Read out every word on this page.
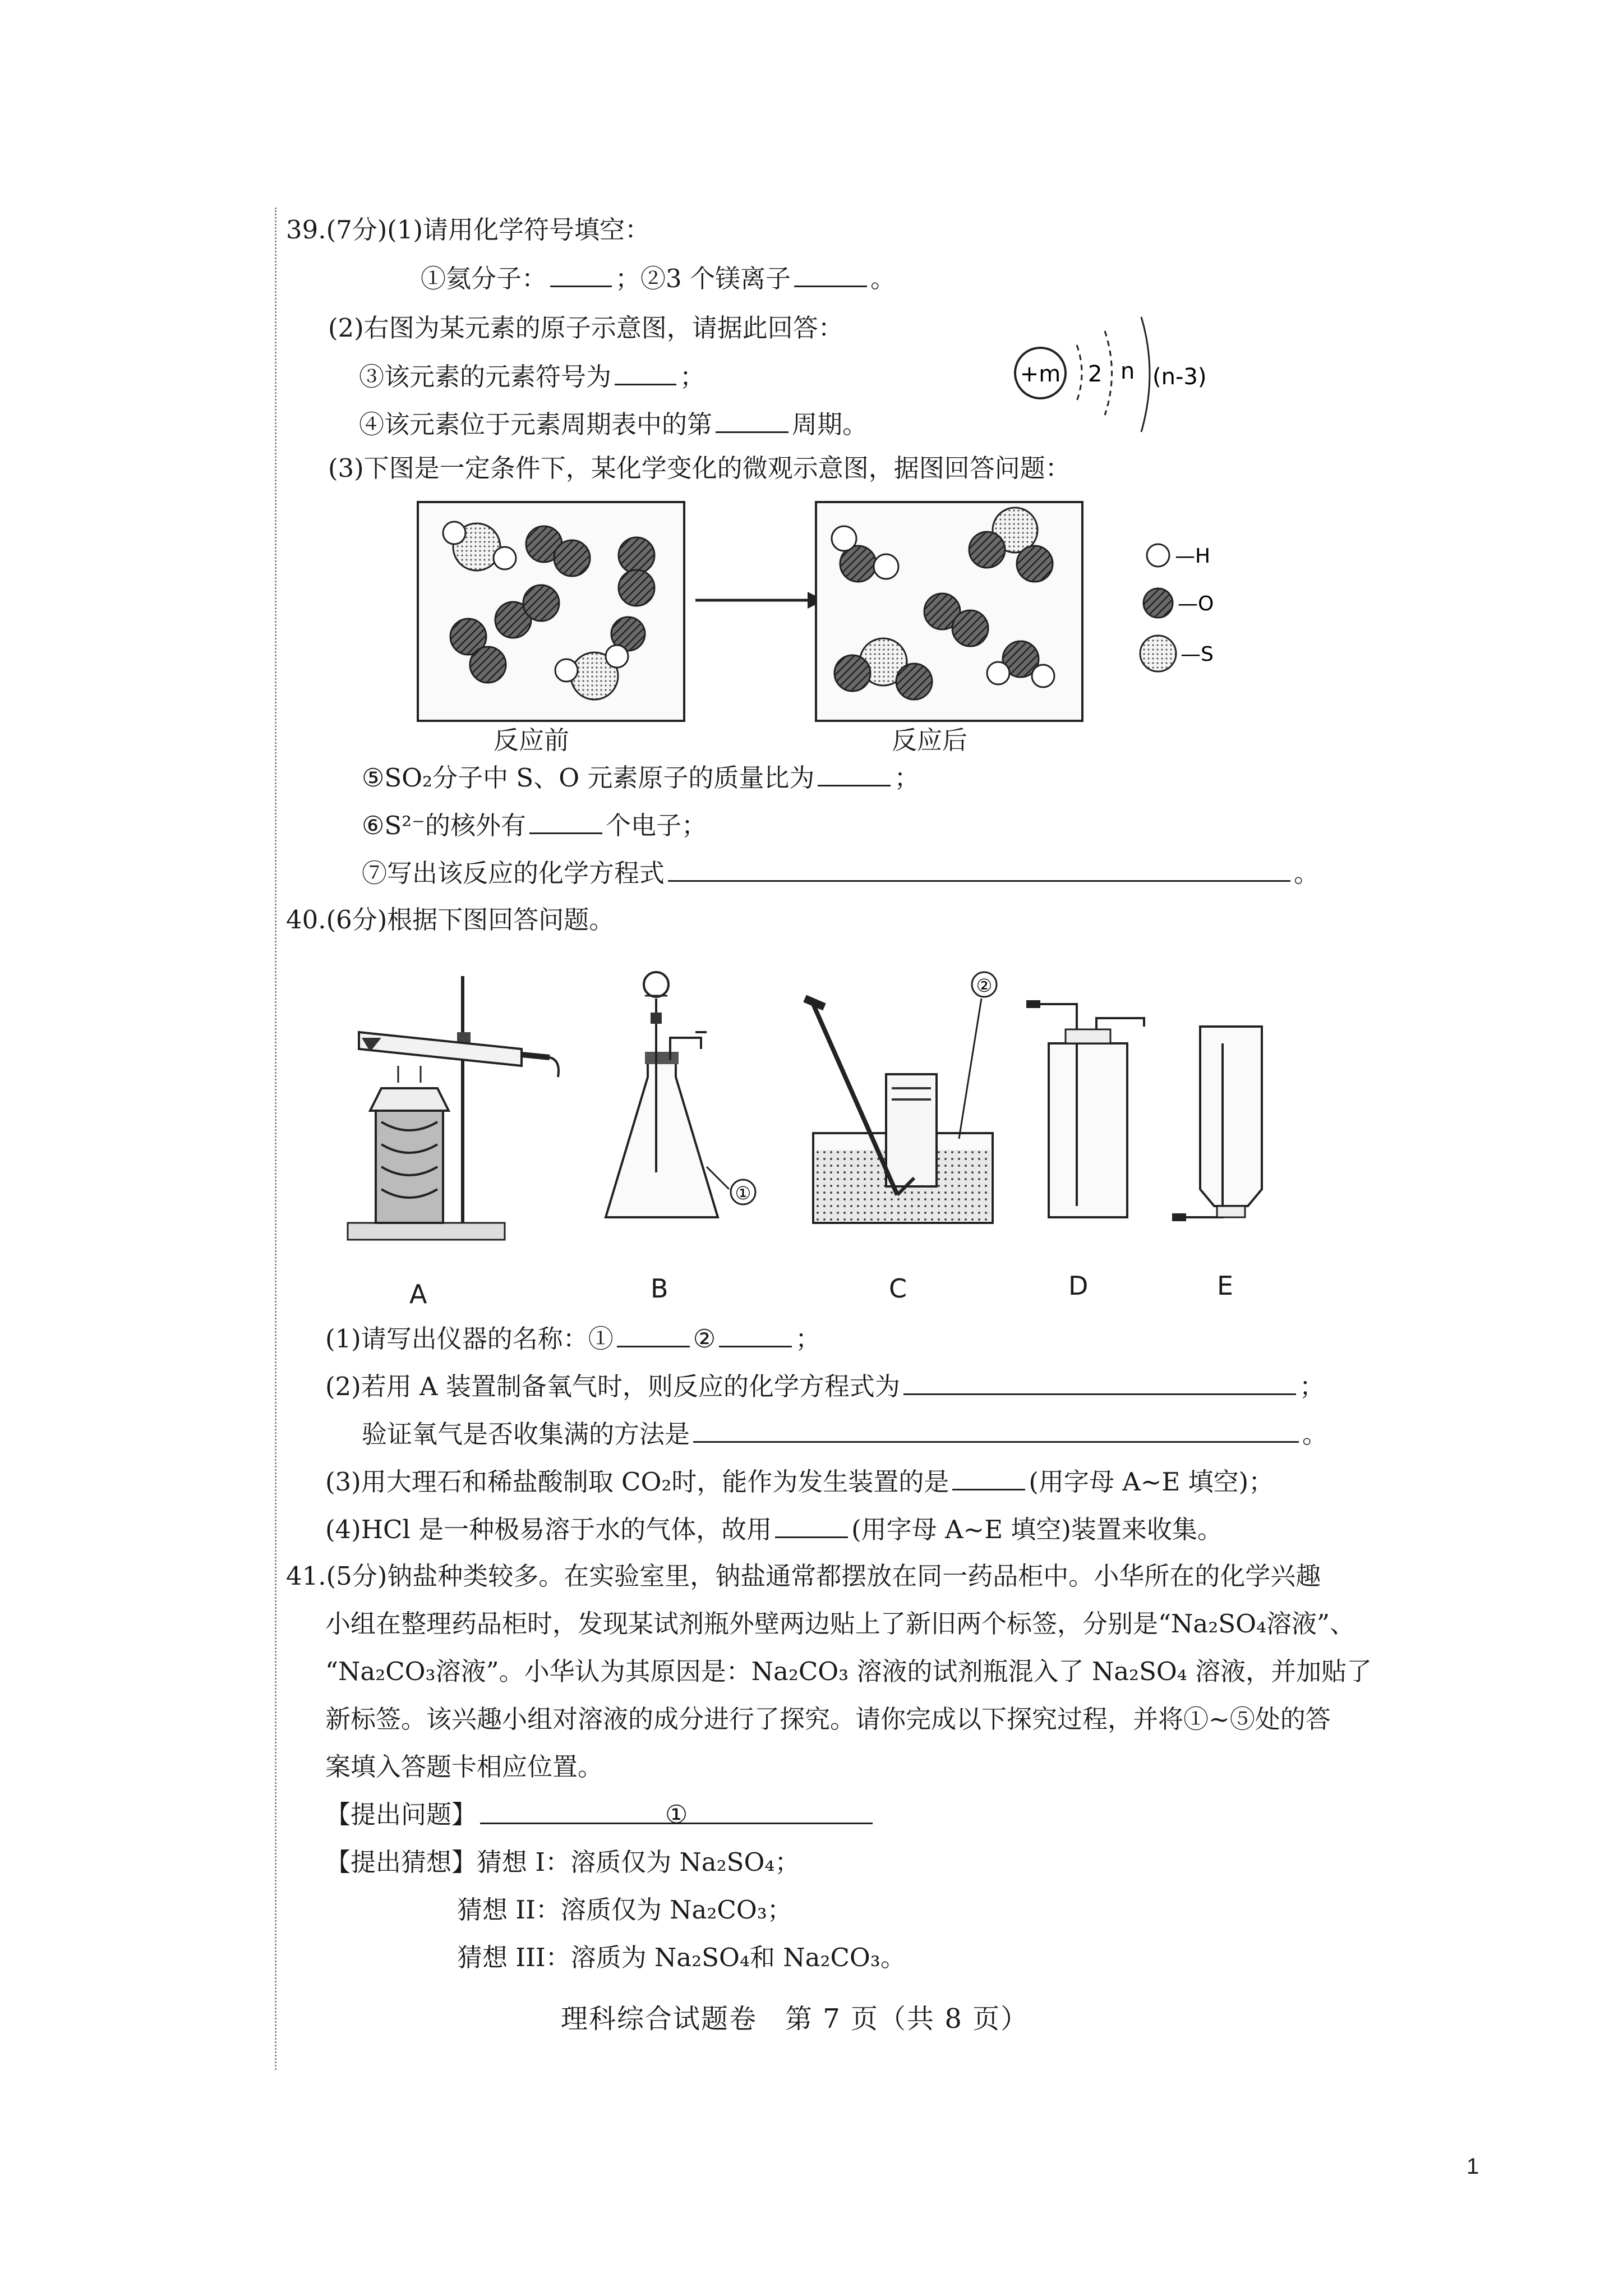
39.(7分)(1)请用化学符号填空：
①氦分子：	；②3 个镁离子	。
(2)右图为某元素的原子示意图，请据此回答：
③该元素的元素符号为	；
④该元素位于元素周期表中的第	周期。
+m 2 n (n-3)
(3)下图是一定条件下，某化学变化的微观示意图，据图回答问题：
—H
—O
—S
反应前	反应后
⑤SO₂分子中 S、O 元素原子的质量比为	；
⑥S²⁻的核外有	个电子；
⑦写出该反应的化学方程式	。
40.(6分)根据下图回答问题。
①
②
A	B	C	D	E
(1)请写出仪器的名称：①	②	；
(2)若用 A 装置制备氧气时，则反应的化学方程式为	；
验证氧气是否收集满的方法是	。
(3)用大理石和稀盐酸制取 CO₂时，能作为发生装置的是	(用字母 A~E 填空)；
(4)HCl 是一种极易溶于水的气体，故用	(用字母 A~E 填空)装置来收集。
41.(5分)钠盐种类较多。在实验室里，钠盐通常都摆放在同一药品柜中。小华所在的化学兴趣
小组在整理药品柜时，发现某试剂瓶外壁两边贴上了新旧两个标签，分别是“Na₂SO₄溶液”、
“Na₂CO₃溶液”。小华认为其原因是：Na₂CO₃ 溶液的试剂瓶混入了 Na₂SO₄ 溶液，并加贴了
新标签。该兴趣小组对溶液的成分进行了探究。请你完成以下探究过程，并将①~⑤处的答
案填入答题卡相应位置。
【提出问题】	①
【提出猜想】猜想 I：溶质仅为 Na₂SO₄；
猜想 II：溶质仅为 Na₂CO₃；
猜想 III：溶质为 Na₂SO₄和 Na₂CO₃。
理科综合试题卷　第 7 页（共 8 页）
1
